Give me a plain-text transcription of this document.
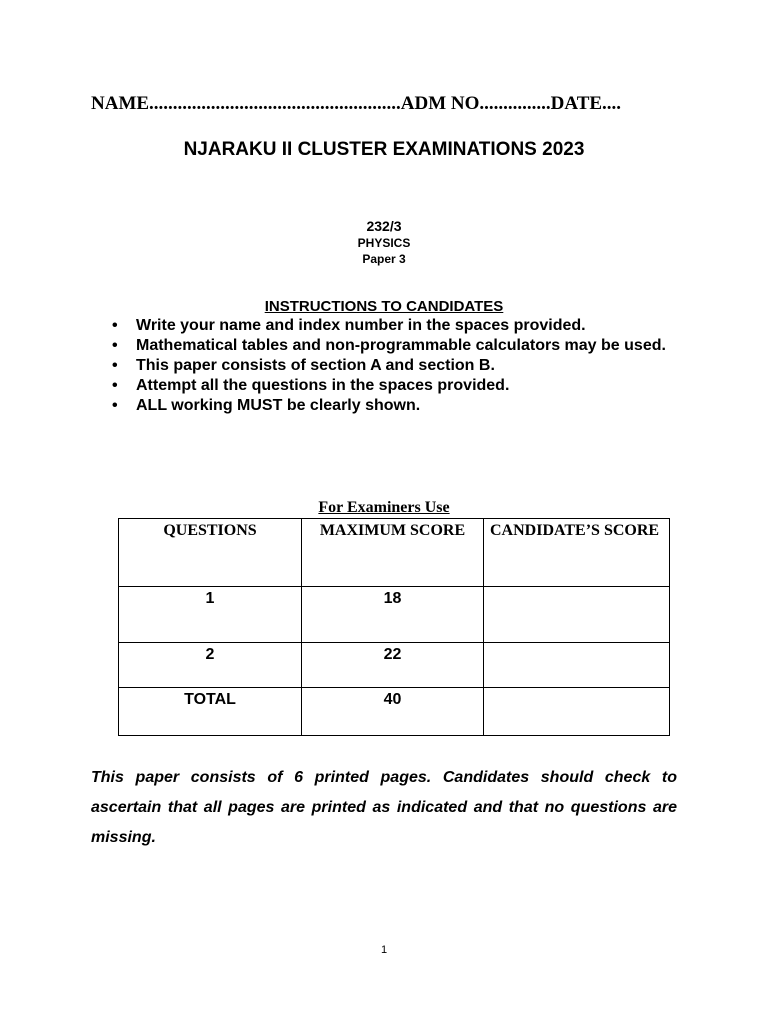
NAME.....................................................ADM NO...............DATE....
NJARAKU II CLUSTER EXAMINATIONS 2023
232/3
PHYSICS
Paper 3
INSTRUCTIONS TO CANDIDATES
•	Write your name and index number in the spaces provided.
•	Mathematical tables and non-programmable calculators may be used.
•	This paper consists of section A and section B.
•	Attempt all the questions in the spaces provided.
•	ALL working MUST be clearly shown.
For Examiners Use
QUESTIONS	MAXIMUM SCORE	CANDIDATE’S SCORE
1	18	
2	22	
TOTAL	40	
This paper consists of 6 printed pages. Candidates should check to ascertain that all pages are printed as indicated and that no questions are missing.
1
